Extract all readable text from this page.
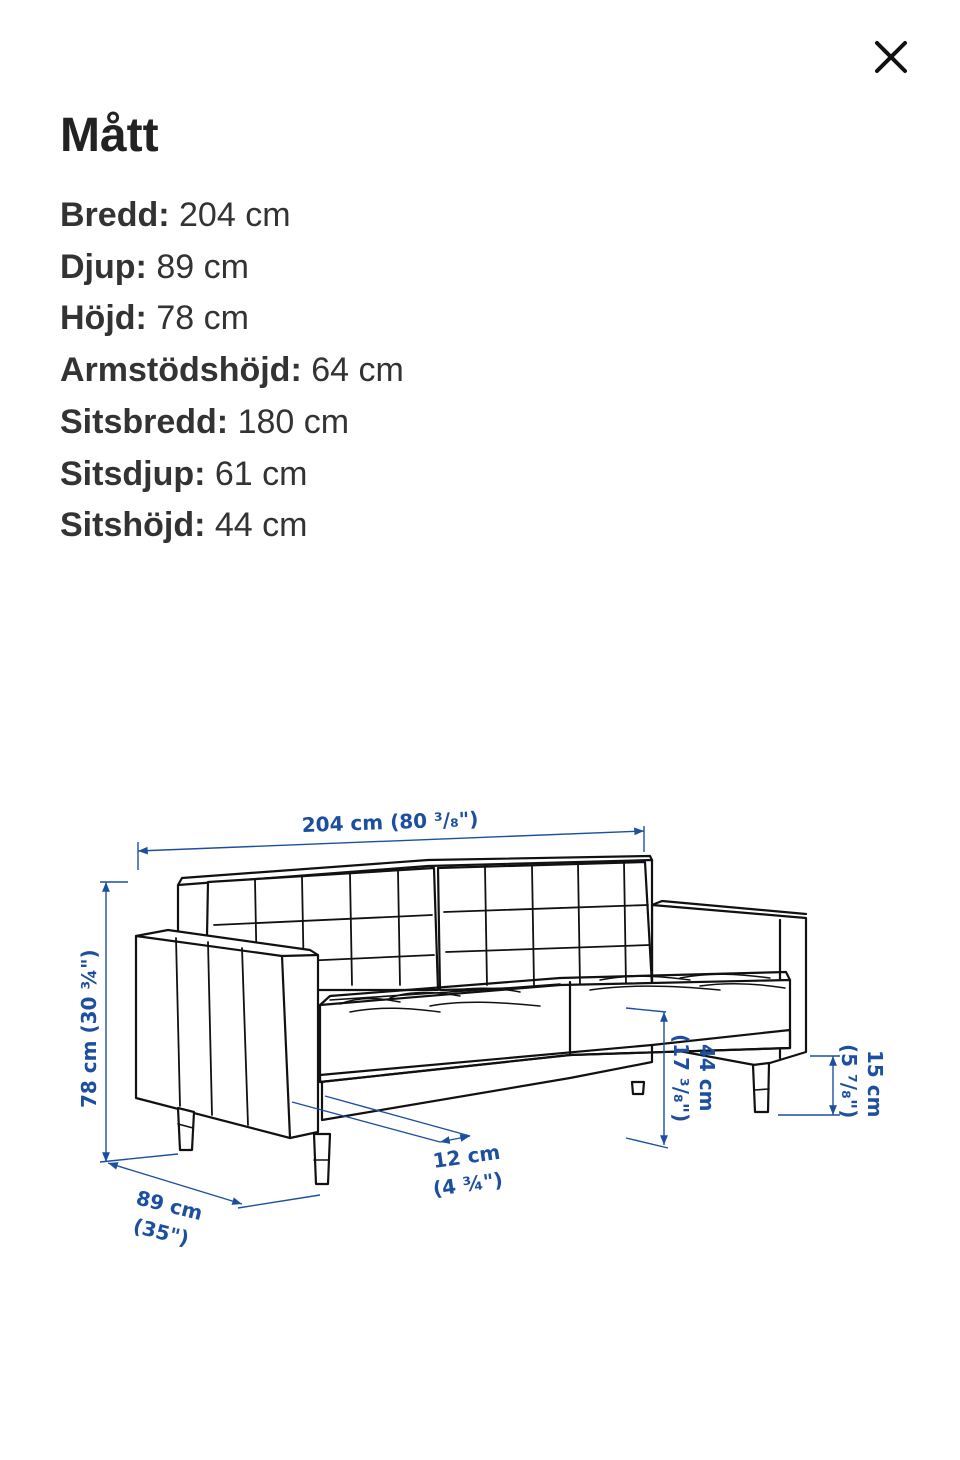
Mått
Bredd: 204 cm
Djup: 89 cm
Höjd: 78 cm
Armstödshöjd: 64 cm
Sitsbredd: 180 cm
Sitsdjup: 61 cm
Sitshöjd: 44 cm
204 cm (80 ³/₈")
78 cm (30 ¾")
89 cm
(35")
12 cm
(4 ¾")
44 cm
(17 ³/₈")	15 cm
(5 ⁷/₈")
